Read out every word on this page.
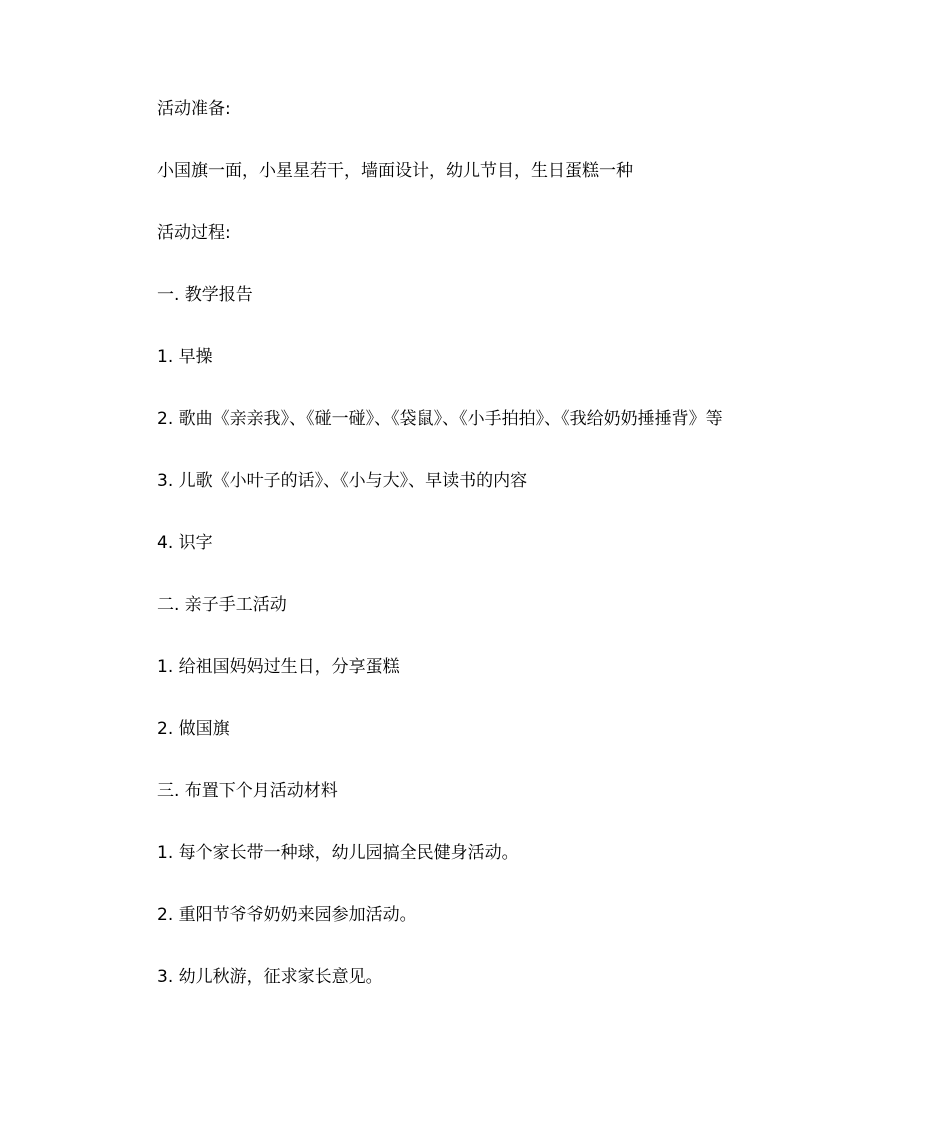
活动准备:

小国旗一面，小星星若干，墙面设计，幼儿节目，生日蛋糕一种

活动过程:

一. 教学报告

1. 早操

2. 歌曲《亲亲我》、《碰一碰》、《袋鼠》、《小手拍拍》、《我给奶奶捶捶背》等

3. 儿歌《小叶子的话》、《小与大》、早读书的内容

4. 识字

二. 亲子手工活动

1. 给祖国妈妈过生日，分享蛋糕

2. 做国旗

三. 布置下个月活动材料

1. 每个家长带一种球，幼儿园搞全民健身活动。

2. 重阳节爷爷奶奶来园参加活动。

3. 幼儿秋游，征求家长意见。
